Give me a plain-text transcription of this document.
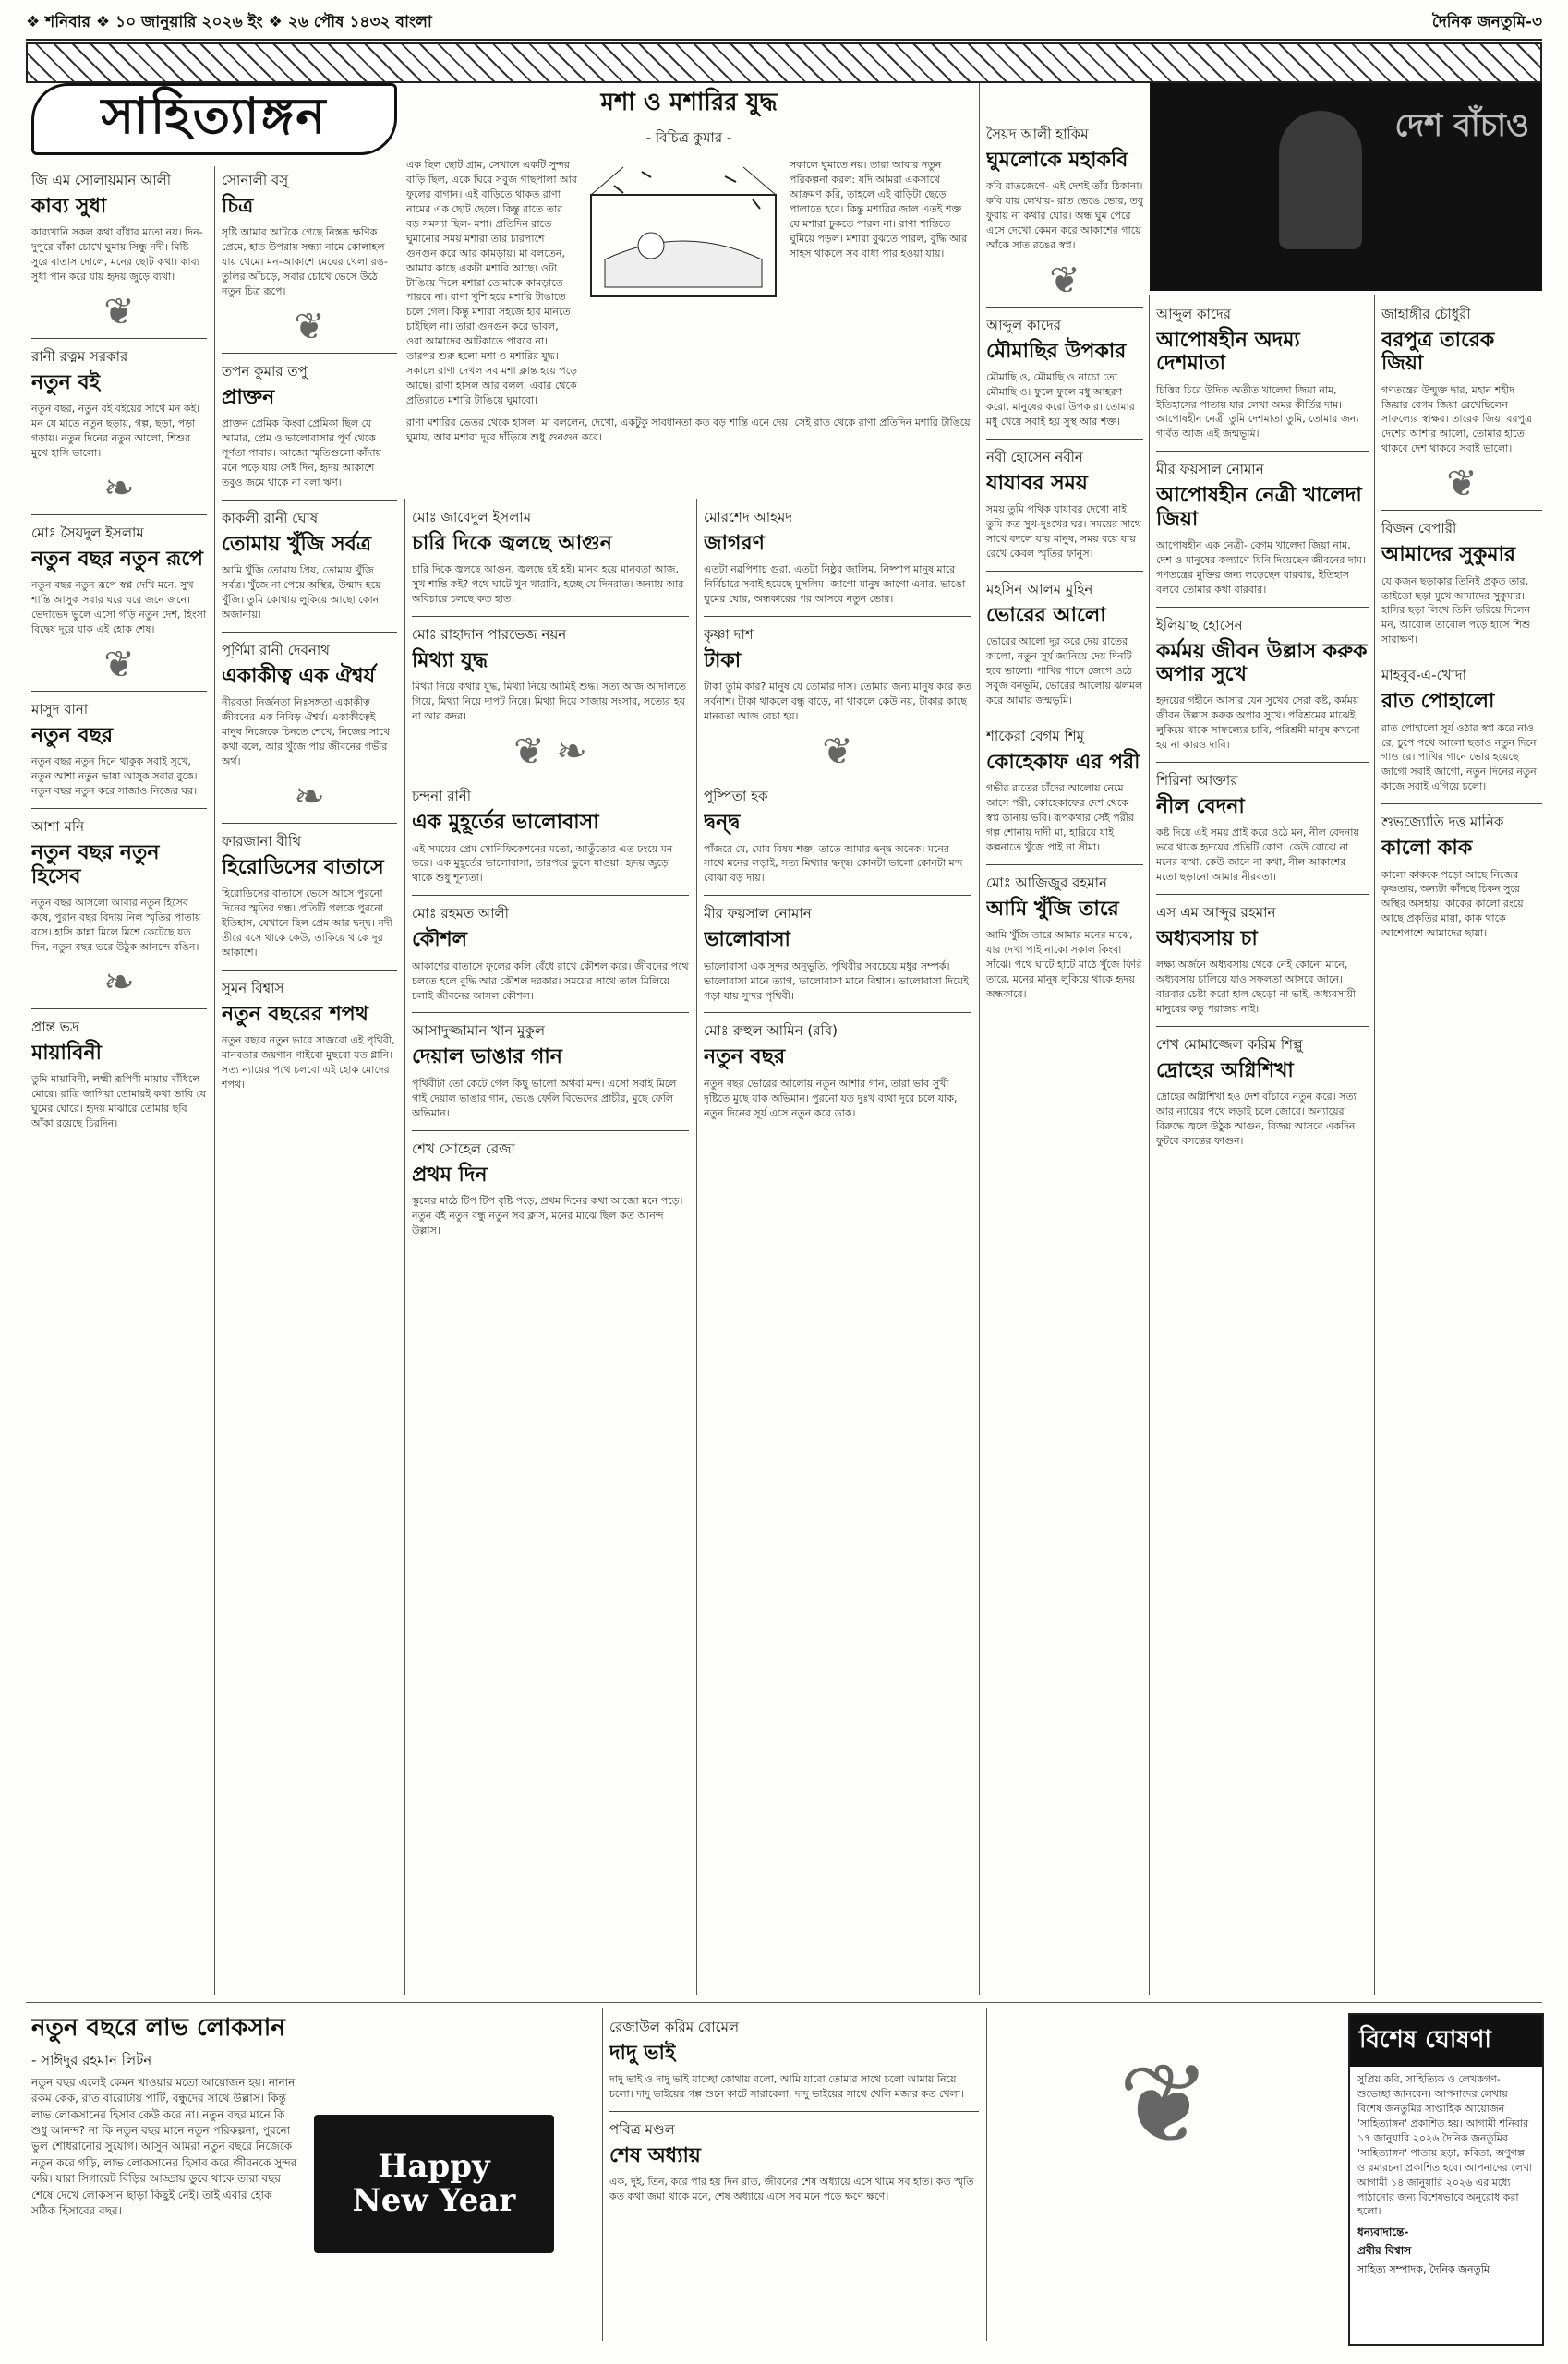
❖ শনিবার ❖ ১০ জানুয়ারি ২০২৬ ইং ❖ ২৬ পৌষ ১৪৩২ বাংলা	দৈনিক জনতুমি-৩
সাহিত্যাঙ্গন	মশা ও মশারির যুদ্ধ
- বিচিত্র কুমার -
এক ছিল ছোট গ্রাম, সেখানে একটি সুন্দর বাড়ি ছিল, একে ঘিরে সবুজ গাছপালা আর ফুলের বাগান। এই বাড়িতে থাকত রাণা নামের এক ছোট ছেলে। কিন্তু রাতে তার বড় সমস্যা ছিল- মশা। প্রতিদিন রাতে ঘুমানোর সময় মশারা তার চারপাশে গুনগুন করে আর কামড়ায়। মা বলতেন, আমার কাছে একটা মশারি আছে। ওটা টাঙিয়ে দিলে মশারা তোমাকে কামড়াতে পারবে না। রাণা খুশি হয়ে মশারি টাঙাতে চলে গেল। কিন্তু মশারা সহজে হার মানতে চাইছিল না। তারা গুনগুন করে ভাবল, ওরা আমাদের আটকাতে পারবে না। তারপর শুরু হলো মশা ও মশারির যুদ্ধ। সকালে রাণা দেখল সব মশা ক্লান্ত হয়ে পড়ে আছে। রাণা হাসল আর বলল, এবার থেকে প্রতিরাতে মশারি টাঙিয়ে ঘুমাবো।
সকালে ঘুমাতে নয়। তারা আবার নতুন পরিকল্পনা করল: যদি আমরা একসাথে আক্রমণ করি, তাহলে এই বাড়িটা ছেড়ে পালাতে হবে। কিন্তু মশারির জাল এতই শক্ত যে মশারা ঢুকতে পারল না। রাণা শান্তিতে ঘুমিয়ে পড়ল। মশারা বুঝতে পারল, বুদ্ধি আর সাহস থাকলে সব বাধা পার হওয়া যায়।
রাণা মশারির ভেতর থেকে হাসল। মা বললেন, দেখো, একটুকু সাবধানতা কত বড় শান্তি এনে দেয়। সেই রাত থেকে রাণা প্রতিদিন মশারি টাঙিয়ে ঘুমায়, আর মশারা দূরে দাঁড়িয়ে শুধু গুনগুন করে।
দেশ বাঁচাও
জি এম সোলায়মান আলী
কাব্য সুধা
কাব্যখানি সকল কথা বাঁধার মতো নয়। দিন-দুপুরে বাঁকা চোখে ঘুমায় সিন্ধু নদী। মিষ্টি সুরে বাতাস দোলে, মনের ছোট কথা। কাব্য সুধা পান করে যায় হৃদয় জুড়ে ব্যথা।
❦
রানী রত্নম সরকার
নতুন বই
নতুন বছর, নতুন বই বইয়ের সাথে মন কই। মন যে মাতে নতুন ছড়ায়, গল্প, ছড়া, পড়া গড়ায়। নতুন দিনের নতুন আলো, শিশুর মুখে হাসি ভালো।
❧
মোঃ সৈয়দুল ইসলাম
নতুন বছর নতুন রূপে
নতুন বছর নতুন রূপে স্বপ্ন দেখি মনে, সুখ শান্তি আসুক সবার ঘরে ঘরে জনে জনে। ভেদাভেদ ভুলে এসো গড়ি নতুন দেশ, হিংসা বিদ্বেষ দূরে যাক এই হোক শেষ।
❦
মাসুদ রানা
নতুন বছর
নতুন বছর নতুন দিনে থাকুক সবাই সুখে, নতুন আশা নতুন ভাষা আসুক সবার বুকে। নতুন বছর নতুন করে সাজাও নিজের ঘর।
আশা মনি
নতুন বছর নতুন হিসেব
নতুন বছর আসলো আবার নতুন হিসেব কষে, পুরান বছর বিদায় নিল স্মৃতির পাতায় বসে। হাসি কান্না মিলে মিশে কেটেছে যত দিন, নতুন বছর ভরে উঠুক আনন্দে রঙিন।
❧
প্রান্ত ভদ্র
মায়াবিনী
তুমি মায়াবিনী, লক্ষ্মী রূপিণী মায়ায় বাঁধিলে মোরে। রাত্রি জাগিয়া তোমারই কথা ভাবি যে ঘুমের ঘোরে। হৃদয় মাঝারে তোমার ছবি আঁকা রয়েছে চিরদিন।
সোনালী বসু
চিত্র
সৃষ্টি আমার আটকে গেছে নিস্তব্ধ ক্ষণিক প্রেমে, হাত উপরায় সন্ধ্যা নামে কোলাহল যায় থেমে। মন-আকাশে মেঘের খেলা রঙ-তুলির আঁচড়ে, সবার চোখে ভেসে উঠে নতুন চিত্র রূপে।
❦
তপন কুমার তপু
প্রাক্তন
প্রাক্তন প্রেমিক কিংবা প্রেমিকা ছিল যে আমার, প্রেম ও ভালোবাসার পূর্ণ থেকে পূর্ণতা পাবার। আজো স্মৃতিগুলো কাঁদায় মনে পড়ে যায় সেই দিন, হৃদয় আকাশে তবুও জমে থাকে না বলা ঋণ।
কাকলী রানী ঘোষ
তোমায় খুঁজি সর্বত্র
আমি খুঁজি তোমায় প্রিয়, তোমায় খুঁজি সর্বত্র। খুঁজে না পেয়ে অস্থির, উন্মাদ হয়ে খুঁজি। তুমি কোথায় লুকিয়ে আছো কোন অজানায়।
পূর্ণিমা রানী দেবনাথ
একাকীত্ব এক ঐশ্বর্য
নীরবতা নির্জনতা নিঃসঙ্গতা একাকীত্ব জীবনের এক নিবিড় ঐশ্বর্য। একাকীত্বেই মানুষ নিজেকে চিনতে শেখে, নিজের সাথে কথা বলে, আর খুঁজে পায় জীবনের গভীর অর্থ।
❧
ফারজানা বীথি
হিরোডিসের বাতাসে
হিরোডিসের বাতাসে ভেসে আসে পুরনো দিনের স্মৃতির গন্ধ। প্রতিটি পলকে পুরনো ইতিহাস, যেখানে ছিল প্রেম আর দ্বন্দ্ব। নদী তীরে বসে থাকে কেউ, তাকিয়ে থাকে দূর আকাশে।
সুমন বিশ্বাস
নতুন বছরের শপথ
নতুন বছরে নতুন ভাবে সাজবো এই পৃথিবী, মানবতার জয়গান গাইবো মুছবো যত গ্লানি। সত্য ন্যায়ের পথে চলবো এই হোক মোদের শপথ।
মোঃ জাবেদুল ইসলাম
চারি দিকে জ্বলছে আগুন
চারি দিকে জ্বলছে আগুন, জ্বলছে হই হই। মানব হয়ে মানবতা আজ, সুখ শান্তি কই? পথে ঘাটে খুন খারাবি, হচ্ছে যে দিনরাত। অন্যায় আর অবিচারে চলছে কত হাত।
মোঃ রাহাদান পারভেজ নয়ন
মিথ্যা যুদ্ধ
মিথ্যা নিয়ে কথার যুদ্ধ, মিথ্যা নিয়ে আমিই শুদ্ধ। সত্য আজ আদালতে গিয়ে, মিথ্যা নিয়ে দাপট নিয়ে। মিথ্যা দিয়ে সাজায় সংসার, সত্যের হয় না আর কদর।
❦ ❧
চন্দনা রানী
এক মুহূর্তের ভালোবাসা
এই সময়ের প্রেম সোনিফিকেশনের মতো, আতুঁতোর এত ঢংয়ে মন ভরে। এক মুহূর্তের ভালোবাসা, তারপরে ভুলে যাওয়া। হৃদয় জুড়ে থাকে শুধু শূন্যতা।
মোঃ রহমত আলী
কৌশল
আকাশের বাতাসে ফুলের কলি বেঁধে রাখে কৌশল করে। জীবনের পথে চলতে হলে বুদ্ধি আর কৌশল দরকার। সময়ের সাথে তাল মিলিয়ে চলাই জীবনের আসল কৌশল।
আসাদুজ্জামান খান মুকুল
দেয়াল ভাঙার গান
পৃথিবীটা তো কেটে গেল কিছু ভালো অথবা মন্দ। এসো সবাই মিলে গাই দেয়াল ভাঙার গান, ভেঙে ফেলি বিভেদের প্রাচীর, মুছে ফেলি অভিমান।
শেখ সোহেল রেজা
প্রথম দিন
স্কুলের মাঠে টিপ টিপ বৃষ্টি পড়ে, প্রথম দিনের কথা আজো মনে পড়ে। নতুন বই নতুন বন্ধু নতুন সব ক্লাস, মনের মাঝে ছিল কত আনন্দ উল্লাস।
মোরশেদ আহমদ
জাগরণ
এতটা নৱপিশাচ গুরা, এতটা নিষ্ঠুর জালিম, নিষ্পাপ মানুষ মারে নির্বিচারে সবাই হয়েছে মুসলিম। জাগো মানুষ জাগো এবার, ভাঙো ঘুমের ঘোর, অন্ধকারের পর আসবে নতুন ভোর।
কৃষ্ণা দাশ
টাকা
টাকা তুমি কার? মানুষ যে তোমার দাস। তোমার জন্য মানুষ করে কত সর্বনাশ। টাকা থাকলে বন্ধু বাড়ে, না থাকলে কেউ নয়, টাকার কাছে মানবতা আজ বেচা হয়।
❦
পুষ্পিতা হক
দ্বন্দ্ব
পাঁজরে যে, মোর বিষম শক্ত, তাতে আমার দ্বন্দ্ব অনেক। মনের সাথে মনের লড়াই, সত্য মিথ্যার দ্বন্দ্ব। কোনটা ভালো কোনটা মন্দ বোঝা বড় দায়।
মীর ফয়সাল নোমান
ভালোবাসা
ভালোবাসা এক সুন্দর অনুভূতি, পৃথিবীর সবচেয়ে মধুর সম্পর্ক। ভালোবাসা মানে ত্যাগ, ভালোবাসা মানে বিশ্বাস। ভালোবাসা দিয়েই গড়া যায় সুন্দর পৃথিবী।
মোঃ রুহুল আমিন (রবি)
নতুন বছর
নতুন বছর ভোরের আলোয় নতুন আশার গান, তারা ভাব সুখী দৃষ্টিতে মুছে যাক অভিমান। পুরনো যত দুঃখ ব্যথা দূরে চলে যাক, নতুন দিনের সূর্য এসে নতুন করে ডাক।
সৈয়দ আলী হাকিম
ঘুমলোকে মহাকবি
কবি রাতজেগে- এই দেশই তাঁর ঠিকানা। কবি যায় লেখায়- রাত ভেঙে ভোর, তবু ফুরায় না কথার ঘোর। অন্ধ ঘুম পেরে এসে দেখো কেমন করে আকাশের গায়ে আঁকে সাত রঙের স্বপ্ন।
❦
আব্দুল কাদের
মৌমাছির উপকার
মৌমাছি ও, মৌমাছি ও নাচো তো মৌমাছি ও। ফুলে ফুলে মধু আহরণ করো, মানুষের করো উপকার। তোমার মধু খেয়ে সবাই হয় সুস্থ আর শক্ত।
নবী হোসেন নবীন
যাযাবর সময়
সময় তুমি পথিক যাযাবর দেখো নাই তুমি কত সুখ-দুঃখের ঘর। সময়ের সাথে সাথে বদলে যায় মানুষ, সময় বয়ে যায় রেখে কেবল স্মৃতির ফানুস।
মহসিন আলম মুহিন
ভোরের আলো
ভোরের আলো দূর করে দেয় রাতের কালো, নতুন সূর্য জানিয়ে দেয় দিনটি হবে ভালো। পাখির গানে জেগে ওঠে সবুজ বনভূমি, ভোরের আলোয় ঝলমল করে আমার জন্মভূমি।
শাকেরা বেগম শিমু
কোহেকাফ এর পরী
গভীর রাতের চাঁদের আলোয় নেমে আসে পরী, কোহেকাফের দেশ থেকে স্বপ্ন ডানায় ভরি। রূপকথার সেই পরীর গল্প শোনায় দাদী মা, হারিয়ে যাই কল্পনাতে খুঁজে পাই না সীমা।
মোঃ আজিজুর রহমান
আমি খুঁজি তারে
আমি খুঁজি তারে আমার মনের মাঝে, যার দেখা পাই নাকো সকাল কিংবা সাঁঝে। পথে ঘাটে হাটে মাঠে খুঁজে ফিরি তারে, মনের মানুষ লুকিয়ে থাকে হৃদয় অন্ধকারে।
আব্দুল কাদের
আপোষহীন অদম্য দেশমাতা
চিত্তির চিরে উদিত অতীত খালেদা জিয়া নাম, ইতিহাসের পাতায় যার লেখা অমর কীর্তির দাম। আপোষহীন নেত্রী তুমি দেশমাতা তুমি, তোমার জন্য গর্বিত আজ এই জন্মভূমি।
মীর ফয়সাল নোমান
আপোষহীন নেত্রী খালেদা জিয়া
আপোষহীন এক নেত্রী- বেগম খালেদা জিয়া নাম, দেশ ও মানুষের কল্যাণে যিনি দিয়েছেন জীবনের দাম। গণতন্ত্রের মুক্তির জন্য লড়েছেন বারবার, ইতিহাস বলবে তোমার কথা বারবার।
ইলিয়াছ হোসেন
কর্মময় জীবন উল্লাস করুক অপার সুখে
হৃদয়ের গহীনে আসার যেন সুখের সেরা কষ্ট, কর্মময় জীবন উল্লাস করুক অপার সুখে। পরিশ্রমের মাঝেই লুকিয়ে থাকে সাফল্যের চাবি, পরিশ্রমী মানুষ কখনো হয় না কারও দাবি।
শিরিনা আক্তার
নীল বেদনা
কষ্ট দিয়ে এই সময় প্রাই করে ওঠে মন, নীল বেদনায় ভরে থাকে হৃদয়ের প্রতিটি কোণ। কেউ বোঝে না মনের ব্যথা, কেউ জানে না কথা, নীল আকাশের মতো ছড়ানো আমার নীরবতা।
এস এম আব্দুর রহমান
অধ্যবসায় চা
লক্ষ্য অর্জনে অধ্যবসায় থেকে নেই কোনো মানে, অধ্যবসায় চালিয়ে যাও সফলতা আসবে জানে। বারবার চেষ্টা করো হাল ছেড়ো না ভাই, অধ্যবসায়ী মানুষের কভু পরাজয় নাই।
শেখ মোমাজ্জেল করিম শিল্পু
দ্রোহের অগ্নিশিখা
দ্রোহের অগ্নিশিখা হও দেশ বাঁচাবে নতুন করে। সত্য আর ন্যায়ের পথে লড়াই চলে জোরে। অন্যায়ের বিরুদ্ধে জ্বলে উঠুক আগুন, বিজয় আসবে একদিন ফুটবে বসন্তের ফাগুন।
জাহাঙ্গীর চৌধুরী
বরপুত্র তারেক জিয়া
গণতন্ত্রের উন্মুক্ত দ্বার, মহান শহীদ জিয়ার বেগম জিয়া রেখেছিলেন সাফল্যের স্বাক্ষর। তারেক জিয়া বরপুত্র দেশের আশার আলো, তোমার হাতে থাকবে দেশ থাকবে সবাই ভালো।
❦
বিজন বেপারী
আমাদের সুকুমার
যে কজন ছড়াকার তিনিই প্রকৃত তার, তাইতো ছড়া মুখে আমাদের সুকুমার। হাসির ছড়া লিখে তিনি ভরিয়ে দিলেন মন, আবোল তাবোল পড়ে হাসে শিশু সারাক্ষণ।
মাহবুব-এ-খোদা
রাত পোহালো
রাত পোহালো সূর্য ওঠার স্বপ্ন করে নাও রে, চুপে পথে আলো ছড়াও নতুন দিনে গাও রে। পাখির গানে ভোর হয়েছে জাগো সবাই জাগো, নতুন দিনের নতুন কাজে সবাই এগিয়ে চলো।
শুভজ্যোতি দত্ত মানিক
কালো কাক
কালো কাককে পড়ো আছে নিজের কৃষ্ণতায়, অন্যটা কাঁদছে চিকন সুরে অস্থির অসহায়। কাকের কালো রংয়ে আছে প্রকৃতির মায়া, কাক থাকে আশেপাশে আমাদের ছায়া।
নতুন বছরে লাভ লোকসান
- সাঈদুর রহমান লিটন
নতুন বছর এলেই কেমন খাওয়ার মতো আয়োজন হয়। নানান রকম কেক, রাত বারোটায় পার্টি, বন্ধুদের সাথে উল্লাস। কিন্তু লাভ লোকসানের হিসাব কেউ করে না। নতুন বছর মানে কি শুধু আনন্দ? না কি নতুন বছর মানে নতুন পরিকল্পনা, পুরনো ভুল শোধরানোর সুযোগ। আসুন আমরা নতুন বছরে নিজেকে নতুন করে গড়ি, লাভ লোকসানের হিসাব করে জীবনকে সুন্দর করি। যারা সিগারেট বিড়ির আড্ডায় ডুবে থাকে তারা বছর শেষে দেখে লোকসান ছাড়া কিছুই নেই। তাই এবার হোক সঠিক হিসাবের বছর।
Happy
New Year
রেজাউল করিম রোমেল
দাদু ভাই
দাদু ভাই ও দাদু ভাই যাচ্ছো কোথায় বলো, আমি যাবো তোমার সাথে চলো আমায় নিয়ে চলো। দাদু ভাইয়ের গল্প শুনে কাটে সারাবেলা, দাদু ভাইয়ের সাথে খেলি মজার কত খেলা।
পবিত্র মণ্ডল
শেষ অধ্যায়
এক, দুই, তিন, করে পার হয় দিন রাত, জীবনের শেষ অধ্যায়ে এসে থামে সব হাত। কত স্মৃতি কত কথা জমা থাকে মনে, শেষ অধ্যায়ে এসে সব মনে পড়ে ক্ষণে ক্ষণে।
❦
বিশেষ ঘোষণা
সুপ্রিয় কবি, সাহিত্যিক ও লেখকগণ- শুভেচ্ছা জানবেন। আপনাদের লেখায় বিশেষ জনতুমির সাপ্তাহিক আয়োজন 'সাহিত্যাঙ্গন' প্রকাশিত হয়। আগামী শনিবার ১৭ জানুয়ারি ২০২৬ দৈনিক জনতুমির 'সাহিত্যাঙ্গন' পাতায় ছড়া, কবিতা, অণুগল্প ও রম্যরচনা প্রকাশিত হবে। আপনাদের লেখা আগামী ১৪ জানুয়ারি ২০২৬ এর মধ্যে পাঠানোর জন্য বিশেষভাবে অনুরোধ করা হলো।
ধন্যবাদান্তে-
প্রবীর বিশ্বাস
সাহিত্য সম্পাদক, দৈনিক জনতুমি
